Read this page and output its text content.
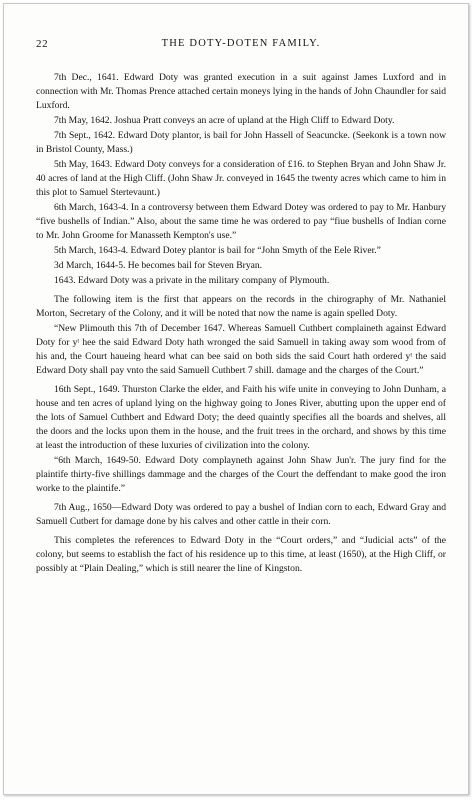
22	THE DOTY-DOTEN FAMILY.

7th Dec., 1641. Edward Doty was granted execution in a suit against James Luxford and in connection with Mr. Thomas Prence attached certain moneys lying in the hands of John Chaundler for said Luxford.

7th May, 1642. Joshua Pratt conveys an acre of upland at the High Cliff to Edward Doty.

7th Sept., 1642. Edward Doty plantor, is bail for John Hassell of Seacuncke. (Seekonk is a town now in Bristol County, Mass.)

5th May, 1643. Edward Doty conveys for a consideration of £16. to Stephen Bryan and John Shaw Jr. 40 acres of land at the High Cliff. (John Shaw Jr. conveyed in 1645 the twenty acres which came to him in this plot to Samuel Stertevaunt.)

6th March, 1643-4. In a controversy between them Edward Dotey was ordered to pay to Mr. Hanbury “five bushells of Indian.” Also, about the same time he was ordered to pay “fiue bushells of Indian corne to Mr. John Groome for Manasseth Kempton's use.”

5th March, 1643-4. Edward Dotey plantor is bail for “John Smyth of the Eele River.”

3d March, 1644-5. He becomes bail for Steven Bryan.

1643. Edward Doty was a private in the military company of Plymouth.

The following item is the first that appears on the records in the chirography of Mr. Nathaniel Morton, Secretary of the Colony, and it will be noted that now the name is again spelled Doty.

“New Plimouth this 7th of December 1647. Whereas Samuell Cuthbert complaineth against Edward Doty for yᵗ hee the said Edward Doty hath wronged the said Samuell in taking away som wood from of his and, the Court haueing heard what can bee said on both sids the said Court hath ordered yᵗ the said Edward Doty shall pay vnto the said Samuell Cuthbert 7 shill. damage and the charges of the Court.”

16th Sept., 1649. Thurston Clarke the elder, and Faith his wife unite in conveying to John Dunham, a house and ten acres of upland lying on the highway going to Jones River, abutting upon the upper end of the lots of Samuel Cuthbert and Edward Doty; the deed quaintly specifies all the boards and shelves, all the doors and the locks upon them in the house, and the fruit trees in the orchard, and shows by this time at least the introduction of these luxuries of civilization into the colony.

“6th March, 1649-50. Edward Doty complayneth against John Shaw Jun'r. The jury find for the plaintife thirty-five shillings dammage and the charges of the Court the deffendant to make good the iron worke to the plaintife.”

7th Aug., 1650—Edward Doty was ordered to pay a bushel of Indian corn to each, Edward Gray and Samuell Cutbert for damage done by his calves and other cattle in their corn.

This completes the references to Edward Doty in the “Court orders,” and “Judicial acts” of the colony, but seems to establish the fact of his residence up to this time, at least (1650), at the High Cliff, or possibly at “Plain Dealing,” which is still nearer the line of Kingston.
